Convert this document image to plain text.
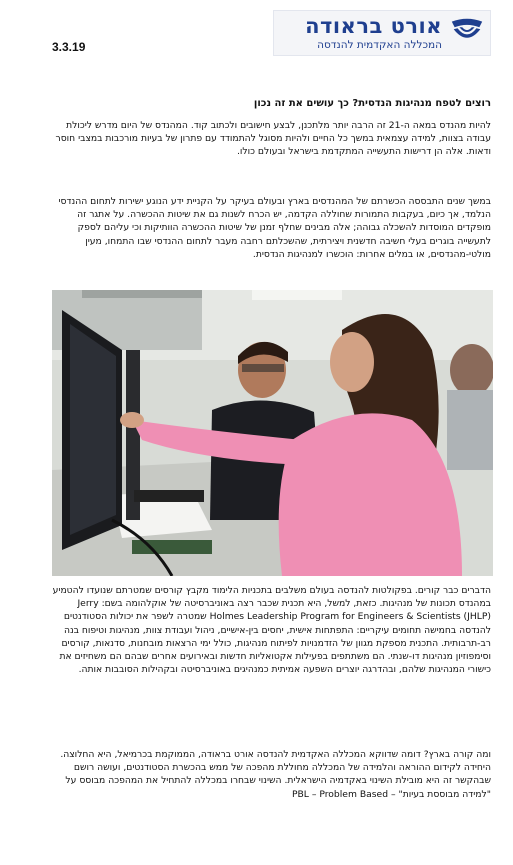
3.3.19
אורט בראודה
המכללה האקדמית להנדסה
רוצים לטפח מנהיגות הנדסית? כך עושים את זה נכון

להיות מהנדס במאה ה-21 זה הרבה יותר מלתכנן, לבצע חישובים ולכתוב קוד. המהנדס של היום מדרש ליכולת עבודה בצוות, למידה עצמאית במשך כל החיים ולהיות מסוגל להתמודד עם פתרון של בעיות מורכבות במצבי חוסר ודאות. אלה הן דרישות התעשייה המתקדמת בישראל ובעולם כולו.

במשך שנים התבססה הכשרתם של המהנדסים בארץ ובעולם בעיקר על הקניית ידע הנוגע ישירות לתחום ההנדסי הנלמד, אך כיום, בעקבות התמורות שחוללה הקדמה, יש הכרח לשנות גם את שיטות ההכשרה. על אתגר זה מופקדים המוסדות להשכלה גבוהה; אלה מבינים שחלף זמנן של שיטות ההכשרה הוותיקות וכי עליהם לספק לתעשייה בוגרים בעלי חשיבה חדשנית ויצירתית, שהשכלתם רחבה מעבר לתחום ההנדסי שבו התמחו, מעין מולטי-מהנדסים, או במלים אחרות: הוכשרו למנהיגות הנדסית.

הדברים כבר קורים. בפקולטות להנדסה בעולם משלבים בתכניות הלימוד מקבץ קורסים שמטרתם שנועדו להטמיע במהנדס תכונות של מנהיגות. כזאת, למשל, היא תכנית שכבר רצה באוניברסיטה של אוקלהומה בשם: Jerry Holmes Leadership Program for Engineers & Scientists (JHLP) שמטרה לשפר את יכולות הסטודנטים להנדסה בחמישה תחומים עיקריים: התפתחות אישית, יחסים בין-אישיים, ניהול ועבודת צוות, מנהיגות וטיפוח בנה רב-תרבותית. התכנית מספקת מגוון של הזדמנויות לפיתוח מנהיגות, כולל ימי הרצאות מובחנות, סדנאות, קורסים וסימפוזיון מנהיגות דו-שנתי. הם משתתפים בפעילות אקטואליות חדשות ובאירועים אחרים שבהם הם משחיזים את כישורי המנהיגות שלהם, ובהדרגה יוצרים השפעה אמיתית כמנהיגים באוניברסיטה ובקהילות הסובבות אותה.

ומה קורה בארץ? דומה שדווקא המכללה האקדמית להנדסה אורט בראודה, הממוקמת בכרמיאל, היא החלוצה. היחידה לקידום ההוראה והלמידה של המכללה מחוללת מהפכה של ממש בהכשרת הסטודנטים, ועושה רושם שבהקשר זה היא מובילת השינוי באקדמיה הישראלית. השינוי שבחרו במכללה להתחיל את המהפכה מבוסס על "למידה מבוססת בעיות" – PBL – Problem Based
